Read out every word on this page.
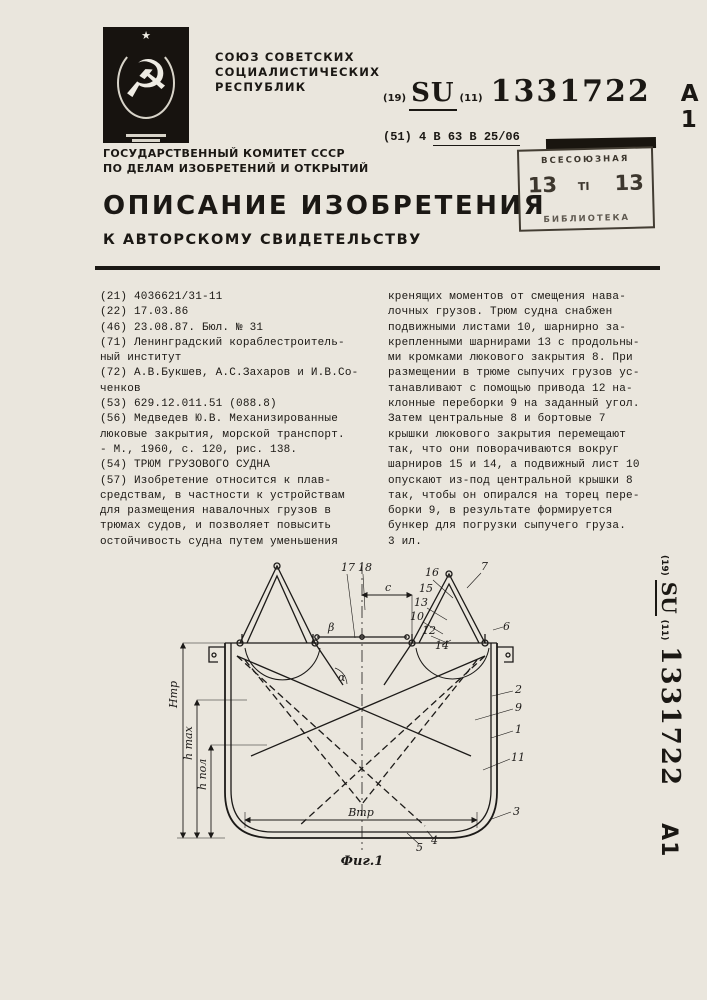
★
☭	СОЮЗ СОВЕТСКИХ
СОЦИАЛИСТИЧЕСКИХ
РЕСПУБЛИК
(19) SU (11) 1331722 А 1
(51) 4 В 63 В 25/06
ГОСУДАРСТВЕННЫЙ КОМИТЕТ СССР
ПО ДЕЛАМ ИЗОБРЕТЕНИЙ И ОТКРЫТИЙ
ОПИСАНИЕ ИЗОБРЕТЕНИЯ
К АВТОРСКОМУ СВИДЕТЕЛЬСТВУ
ВСЕСОЮЗНАЯ
13 ТІ 13
БИБЛИОТЕКА
(21) 4036621/31-11
(22) 17.03.86
(46) 23.08.87. Бюл. № 31
(71) Ленинградский кораблестроитель-
ный институт
(72) А.В.Букшев, А.С.Захаров и И.В.Со-
ченков
(53) 629.12.011.51 (088.8)
(56) Медведев Ю.В. Механизированные
люковые закрытия, морской транспорт.
- М., 1960, с. 120, рис. 138.
(54) ТРЮМ ГРУЗОВОГО СУДНА
(57) Изобретение относится к плав-
средствам, в частности к устройствам
для размещения навалочных грузов в
трюмах судов, и позволяет повысить
остойчивость судна путем уменьшения
кренящих моментов от смещения нава-
лочных грузов. Трюм судна снабжен
подвижными листами 10, шарнирно за-
крепленными шарнирами 13 с продольны-
ми кромками люкового закрытия 8. При
размещении в трюме сыпучих грузов ус-
танавливают с помощью привода 12 на-
клонные переборки 9 на заданный угол.
Затем центральные 8 и бортовые 7
крышки люкового закрытия перемещают
так, что они поворачиваются вокруг
шарниров 15 и 14, а подвижный лист 10
опускают из-под центральной крышки 8
так, чтобы он опирался на торец пере-
борки 9, в результате формируется
бункер для погрузки сыпучего груза.
3 ил.
17 18	16	7
15
13
10
12
14
6
2
9
1
11
3
5
4
α
β
Нтр
h max
h пол
Втр
с
Фиг.1
(19)
SU
(11)
1331722
А1
